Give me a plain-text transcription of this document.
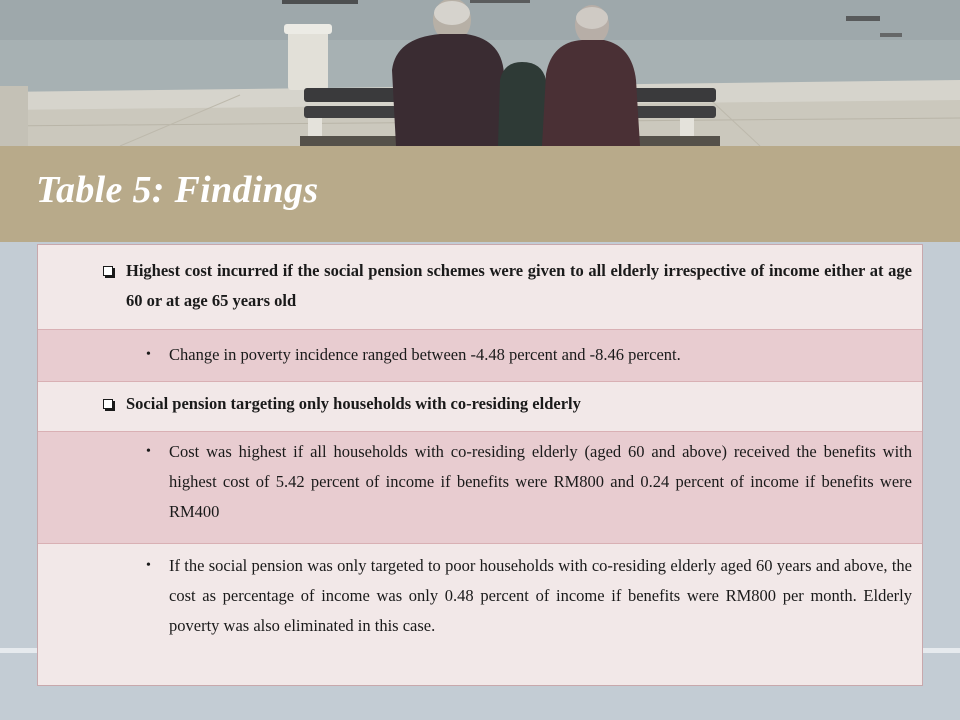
Table 5: Findings
Highest cost incurred if the social pension schemes were given to all elderly irrespective of income either at age 60 or at age 65 years old
• Change in poverty incidence ranged between -4.48 percent and -8.46 percent.
Social pension targeting only households with co-residing elderly
• Cost was highest if all households with co-residing elderly (aged 60 and above) received the benefits with highest cost of 5.42 percent of income if benefits were RM800 and 0.24 percent of income if benefits were RM400
• If the social pension was only targeted to poor households with co-residing elderly aged 60 years and above, the cost as percentage of income was only 0.48 percent of income if benefits were RM800 per month. Elderly poverty was also eliminated in this case.
